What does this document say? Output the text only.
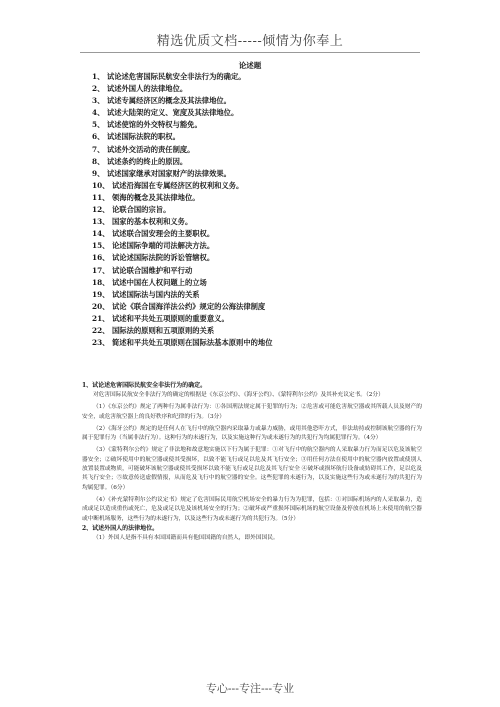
精选优质文档-----倾情为你奉上
论述题
1、 试论述危害国际民航安全非法行为的确定。
2、 试述外国人的法律地位。
3、 试述专属经济区的概念及其法律地位。
4、 试述大陆架的定义、宽度及其法律地位。
5、 试述使馆的外交特权与豁免。
6、 试述国际法院的职权。
7、 试述外交活动的责任制度。
8、 试述条约的终止的原因。
9、 试述国家继承对国家财产的法律效果。
10、 试述沿海国在专属经济区的权利和义务。
11、 领海的概念及其法律地位。
12、 论联合国的宗旨。
13、 国家的基本权利和义务。
14、 试述联合国安理会的主要职权。
15、 论述国际争端的司法解决方法。
16、 试论述国际法院的诉讼管辖权。
17、 试论联合国维护和平行动
18、 试述中国在人权问题上的立场
19、 试述国际法与国内法的关系
20、 试论《联合国海洋法公约》规定的公海法律制度
21、 试述和平共处五项原则的重要意义。
22、 国际法的原则和五项原则的关系
23、 简述和平共处五项原则在国际法基本原则中的地位

1、试论述危害国际民航安全非法行为的确定。

对危害国际民航安全非法行为的确定的根据是《东京公约》、《海牙公约》、《蒙特利尔公约》及其补充议定书。（2分）

（1）《东京公约》规定了两种行为属非法行为：①各国刑法规定属于犯罪的行为；②危害或可能危害航空器或其所载人员及财产的安全，或危害航空器上的良好秩序和纪律的行为。（3分）

（2）《海牙公约》规定的是任何人在飞行中的航空器内采取暴力或暴力威胁，或用其他恐吓方式，非法劫持或控制该航空器的行为属于犯罪行为（当属非法行为）。这种行为的未遂行为，以及实施这种行为或未遂行为的共犯行为均属犯罪行为。（4分）

（3）《蒙特利尔公约》规定了非法地和故意地实施以下行为属于犯罪：①对飞行中的航空器内的人采取暴力行为而足以危及该航空器安全；②破坏使用中的航空器或使其受损坏，以致不能飞行或足以危及其飞行安全；③用任何方法在使用中的航空器内放置或使别人放置装置或物质，可能破坏该航空器或使其受损坏以致不能飞行或足以危及其飞行安全 ④破坏或损坏航行设备或妨碍其工作，足以危及其飞行安全；⑤故意传送虚假情报，从而危及飞行中的航空器的安全。这些犯罪的未遂行为，以及实施这些行为或未遂行为的共犯行为均属犯罪。（6分）

（4）《补充蒙特利尔公约议定书》规定了危害国际民用航空机场安全的暴力行为为犯罪，包括：①对国际机场内的人采取暴力，造成或足以造成重伤或死亡，危及或足以危及该机场安全的行为；②破坏或严重损坏国际机场的航空设备及停放在机场上未使用的航空器或中断机场服务，这些行为的未遂行为，以及这些行为或未遂行为的共犯行为。（5分）

2、试述外国人的法律地位。

（1）外国人是指不具有本国国籍而具有他国国籍的自然人，即外国国民。

专心---专注---专业
